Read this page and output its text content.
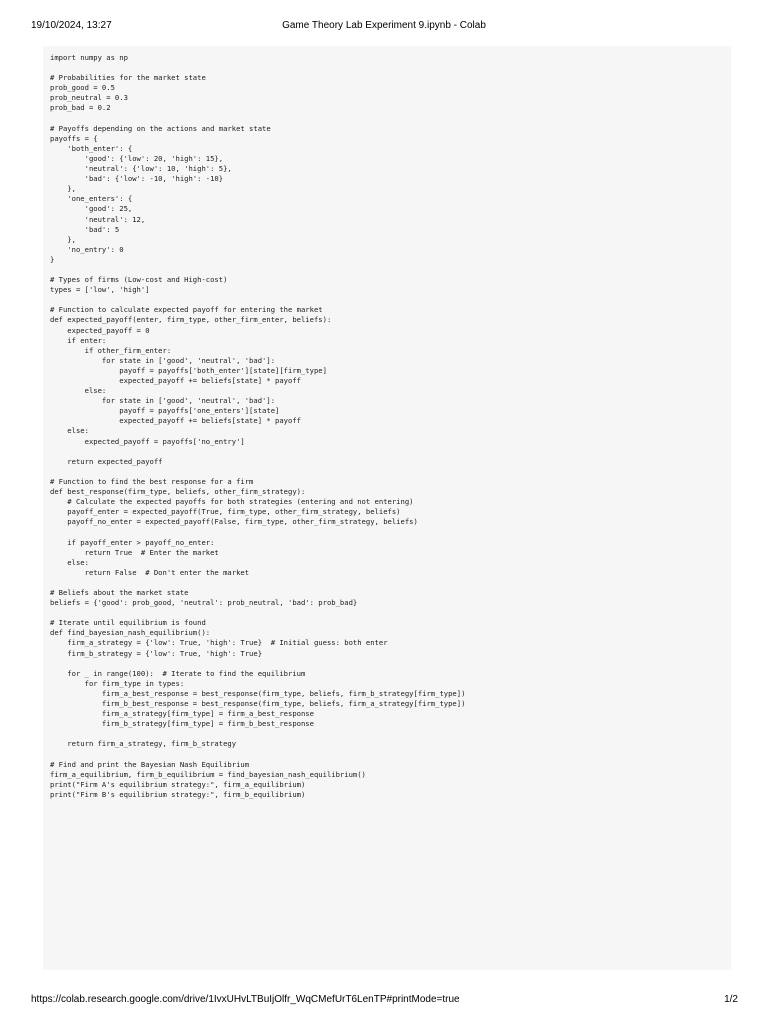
19/10/2024, 13:27	Game Theory Lab Experiment 9.ipynb - Colab
import numpy as np

# Probabilities for the market state
prob_good = 0.5
prob_neutral = 0.3
prob_bad = 0.2

# Payoffs depending on the actions and market state
payoffs = {
'both_enter': {
'good': {'low': 20, 'high': 15},
'neutral': {'low': 10, 'high': 5},
'bad': {'low': -10, 'high': -10}
},
'one_enters': {
'good': 25,
'neutral': 12,
'bad': 5
},
'no_entry': 0
}

# Types of firms (Low-cost and High-cost)
types = ['low', 'high']

# Function to calculate expected payoff for entering the market
def expected_payoff(enter, firm_type, other_firm_enter, beliefs):
expected_payoff = 0
if enter:
if other_firm_enter:
for state in ['good', 'neutral', 'bad']:
payoff = payoffs['both_enter'][state][firm_type]
expected_payoff += beliefs[state] * payoff
else:
for state in ['good', 'neutral', 'bad']:
payoff = payoffs['one_enters'][state]
expected_payoff += beliefs[state] * payoff
else:
expected_payoff = payoffs['no_entry']

return expected_payoff

# Function to find the best response for a firm
def best_response(firm_type, beliefs, other_firm_strategy):
# Calculate the expected payoffs for both strategies (entering and not entering)
payoff_enter = expected_payoff(True, firm_type, other_firm_strategy, beliefs)
payoff_no_enter = expected_payoff(False, firm_type, other_firm_strategy, beliefs)

if payoff_enter > payoff_no_enter:
return True  # Enter the market
else:
return False  # Don't enter the market

# Beliefs about the market state
beliefs = {'good': prob_good, 'neutral': prob_neutral, 'bad': prob_bad}

# Iterate until equilibrium is found
def find_bayesian_nash_equilibrium():
firm_a_strategy = {'low': True, 'high': True}  # Initial guess: both enter
firm_b_strategy = {'low': True, 'high': True}

for _ in range(100):  # Iterate to find the equilibrium
for firm_type in types:
firm_a_best_response = best_response(firm_type, beliefs, firm_b_strategy[firm_type])
firm_b_best_response = best_response(firm_type, beliefs, firm_a_strategy[firm_type])
firm_a_strategy[firm_type] = firm_a_best_response
firm_b_strategy[firm_type] = firm_b_best_response

return firm_a_strategy, firm_b_strategy

# Find and print the Bayesian Nash Equilibrium
firm_a_equilibrium, firm_b_equilibrium = find_bayesian_nash_equilibrium()
print("Firm A's equilibrium strategy:", firm_a_equilibrium)
print("Firm B's equilibrium strategy:", firm_b_equilibrium)

https://colab.research.google.com/drive/1IvxUHvLTBuIjOlfr_WqCMefUrT6LenTP#printMode=true	1/2
